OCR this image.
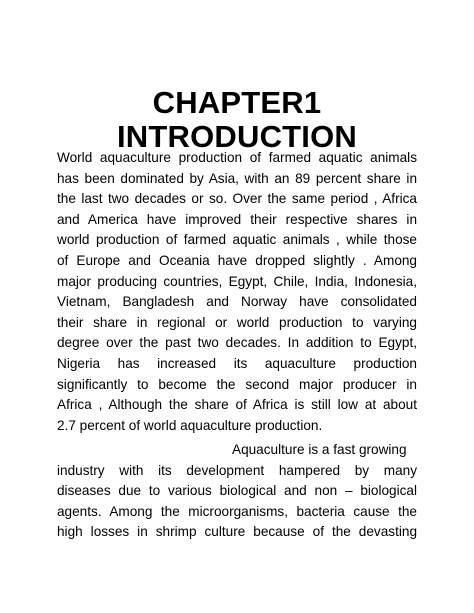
CHAPTER1
INTRODUCTION
World aquaculture production of farmed aquatic animals
has been dominated by Asia, with an 89 percent share in
the last two decades or so. Over the same period , Africa
and America have improved their respective shares in
world production of farmed aquatic animals , while those
of Europe and Oceania have dropped slightly . Among
major producing countries, Egypt, Chile, India, Indonesia,
Vietnam, Bangladesh and Norway have consolidated
their share in regional or world production to varying
degree over the past two decades. In addition to Egypt,
Nigeria has increased its aquaculture production
significantly to become the second major producer in
Africa , Although the share of Africa is still low at about
2.7 percent of world aquaculture production.
Aquaculture is a fast growing
industry with its development hampered by many
diseases due to various biological and non – biological
agents. Among the microorganisms, bacteria cause the
high losses in shrimp culture because of the devasting
